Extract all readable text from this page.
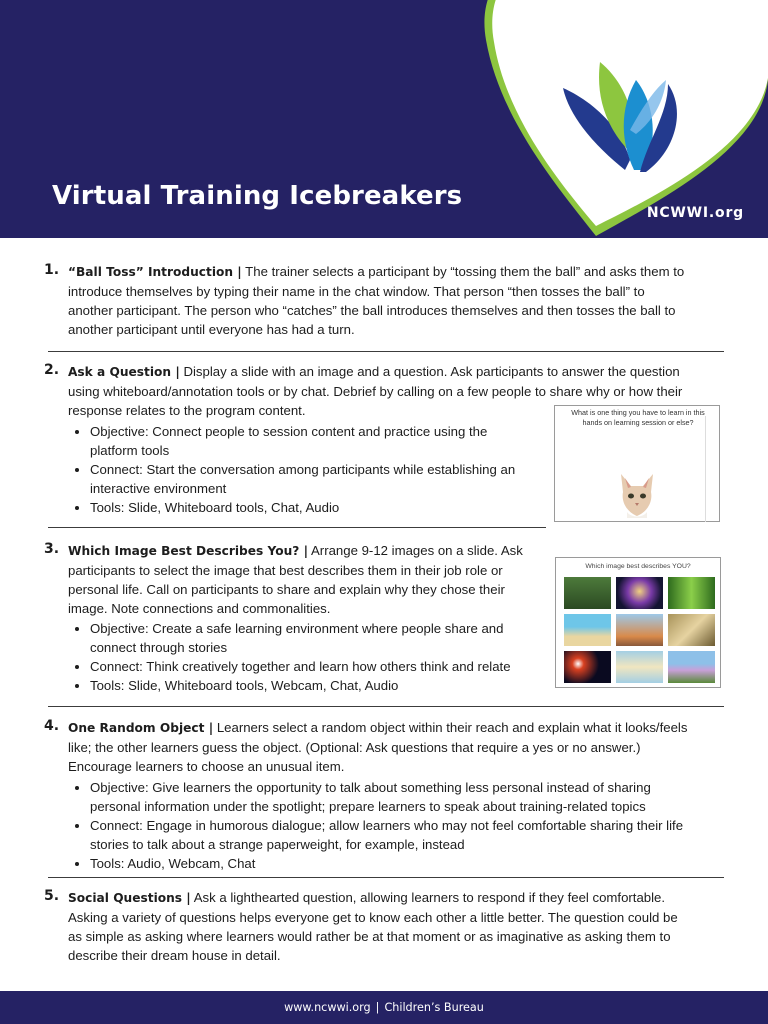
Virtual Training Icebreakers
NCWWI.org
1. “Ball Toss” Introduction | The trainer selects a participant by “tossing them the ball” and asks them to
introduce themselves by typing their name in the chat window. That person “then tosses the ball” to
another participant. The person who “catches” the ball introduces themselves and then tosses the ball to
another participant until everyone has had a turn.
2. Ask a Question | Display a slide with an image and a question. Ask participants to answer the question
using whiteboard/annotation tools or by chat. Debrief by calling on a few people to share why or how their
response relates to the program content.
• Objective: Connect people to session content and practice using the
platform tools
• Connect: Start the conversation among participants while establishing an
interactive environment
• Tools: Slide, Whiteboard tools, Chat, Audio
What is one thing you have to learn in this hands on learning session or else?
3. Which Image Best Describes You? | Arrange 9-12 images on a slide. Ask
participants to select the image that best describes them in their job role or
personal life. Call on participants to share and explain why they chose their
image. Note connections and commonalities.
• Objective: Create a safe learning environment where people share and
connect through stories
• Connect: Think creatively together and learn how others think and relate
• Tools: Slide, Whiteboard tools, Webcam, Chat, Audio
Which image best describes YOU?
4. One Random Object | Learners select a random object within their reach and explain what it looks/feels
like; the other learners guess the object. (Optional: Ask questions that require a yes or no answer.)
Encourage learners to choose an unusual item.
• Objective: Give learners the opportunity to talk about something less personal instead of sharing
personal information under the spotlight; prepare learners to speak about training-related topics
• Connect: Engage in humorous dialogue; allow learners who may not feel comfortable sharing their life
stories to talk about a strange paperweight, for example, instead
• Tools: Audio, Webcam, Chat
5. Social Questions | Ask a lighthearted question, allowing learners to respond if they feel comfortable.
Asking a variety of questions helps everyone get to know each other a little better. The question could be
as simple as asking where learners would rather be at that moment or as imaginative as asking them to
describe their dream house in detail.
www.ncwwi.org | Children’s Bureau
